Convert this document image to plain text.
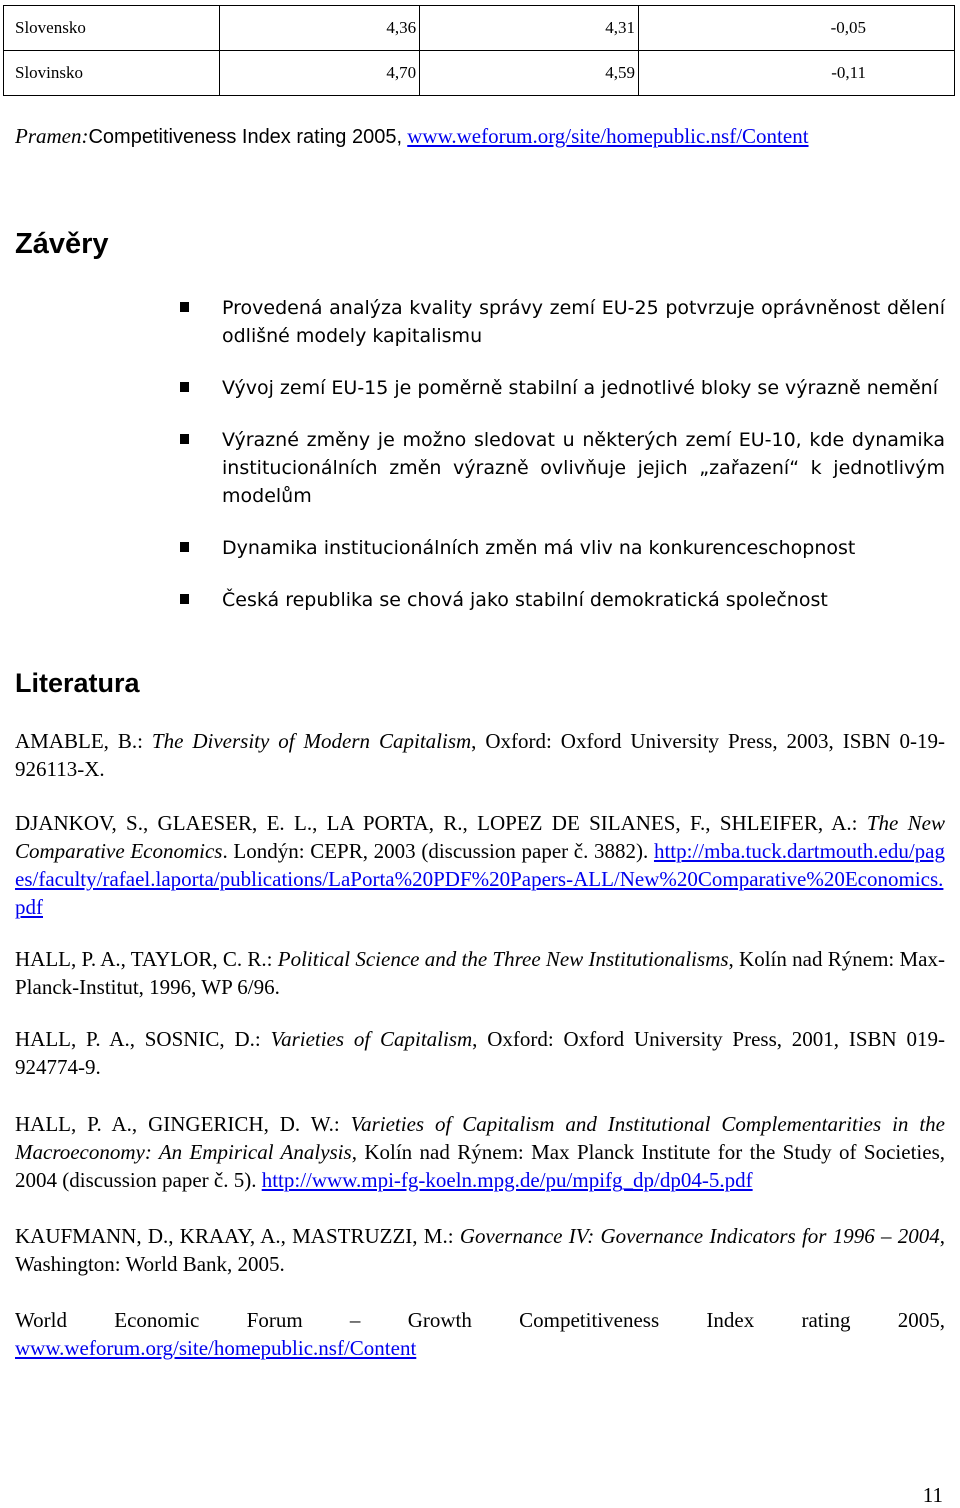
Slovensko	4,36	4,31	-0,05
Slovinsko	4,70	4,59	-0,11
Pramen:Competitiveness Index rating 2005, www.weforum.org/site/homepublic.nsf/Content
Závěry
Provedená analýza kvality správy zemí EU-25 potvrzuje oprávněnost dělení odlišné modely kapitalismu
Vývoj zemí EU-15 je poměrně stabilní a jednotlivé bloky se výrazně nemění
Výrazné změny je možno sledovat u některých zemí EU-10, kde dynamika institucionálních změn výrazně ovlivňuje jejich „zařazení“ k jednotlivým modelům
Dynamika institucionálních změn má vliv na konkurenceschopnost
Česká republika se chová jako stabilní demokratická společnost
Literatura

AMABLE, B.: The Diversity of Modern Capitalism, Oxford: Oxford University Press, 2003, ISBN 0-19-926113-X.

DJANKOV, S., GLAESER, E. L., LA PORTA, R., LOPEZ DE SILANES, F., SHLEIFER, A.: The New Comparative Economics. Londýn: CEPR, 2003 (discussion paper č. 3882). http://mba.tuck.dartmouth.edu/pages/faculty/rafael.laporta/publications/LaPorta%20PDF%20Papers-ALL/New%20Comparative%20Economics.pdf

HALL, P. A., TAYLOR, C. R.: Political Science and the Three New Institutionalisms, Kolín nad Rýnem: Max-Planck-Institut, 1996, WP 6/96.

HALL, P. A., SOSNIC, D.: Varieties of Capitalism, Oxford: Oxford University Press, 2001, ISBN 019-924774-9.

HALL, P. A., GINGERICH, D. W.: Varieties of Capitalism and Institutional Complementarities in the Macroeconomy: An Empirical Analysis, Kolín nad Rýnem: Max Planck Institute for the Study of Societies, 2004 (discussion paper č. 5). http://www.mpi-fg-koeln.mpg.de/pu/mpifg_dp/dp04-5.pdf

KAUFMANN, D., KRAAY, A., MASTRUZZI, M.: Governance IV: Governance Indicators for 1996 – 2004, Washington: World Bank, 2005.

World Economic Forum – Growth Competitiveness Index rating 2005, www.weforum.org/site/homepublic.nsf/Content

11
